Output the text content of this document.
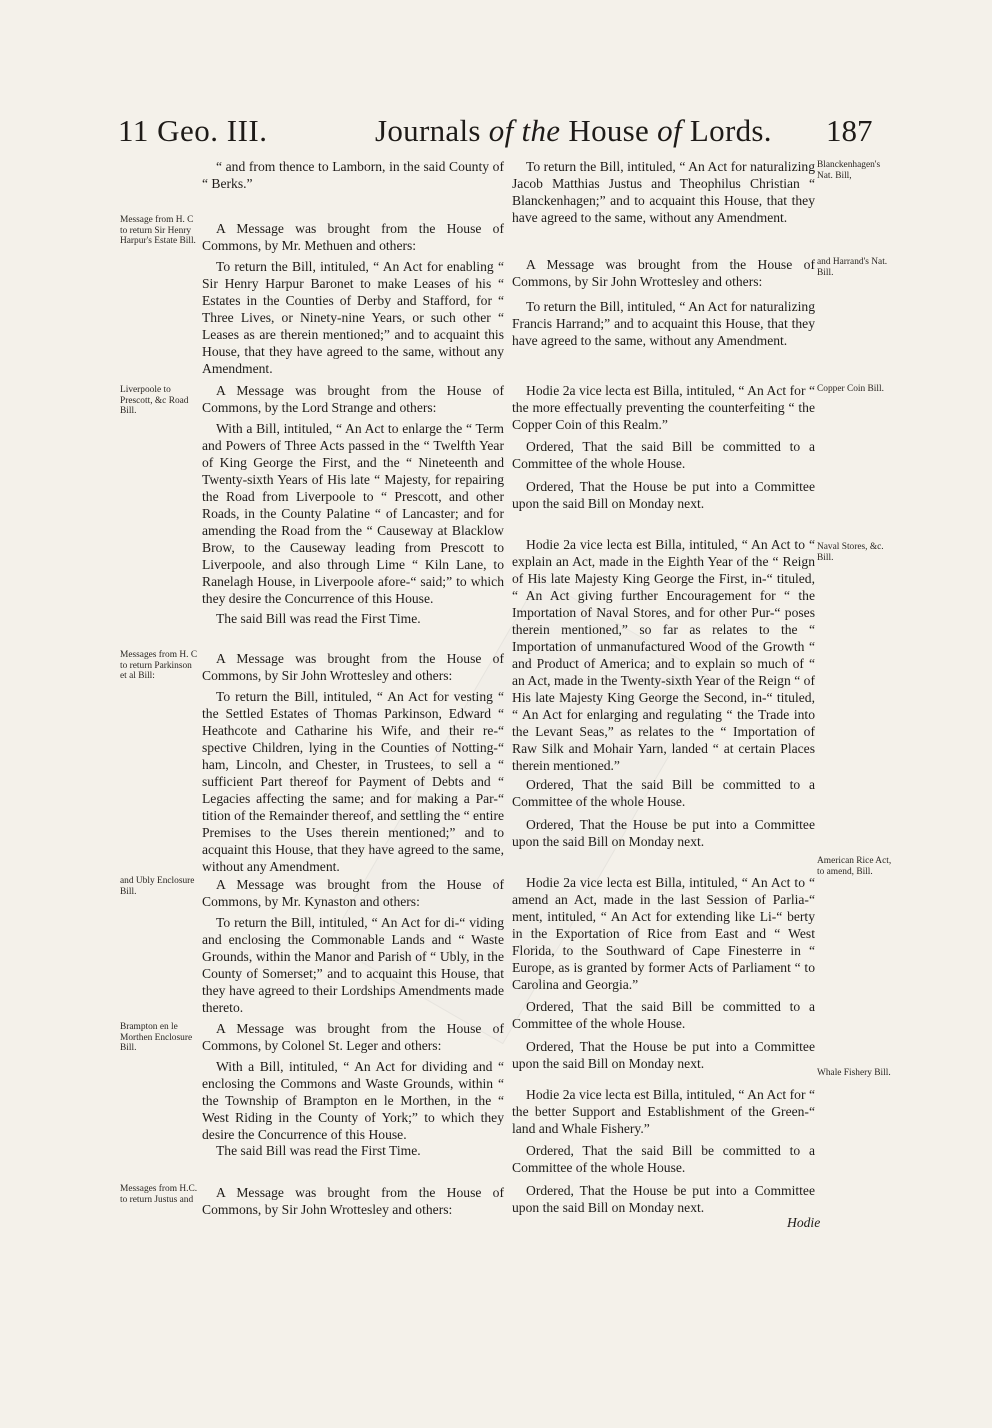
11 Geo. III.	Journals of the House of Lords. 187

“ and from thence to Lamborn, in the said County of “ Berks.”

A Message was brought from the House of Commons, by Mr. Methuen and others:

To return the Bill, intituled, “ An Act for enabling “ Sir Henry Harpur Baronet to make Leases of his “ Estates in the Counties of Derby and Stafford, for “ Three Lives, or Ninety-nine Years, or such other “ Leases as are therein mentioned;” and to acquaint this House, that they have agreed to the same, without any Amendment.

A Message was brought from the House of Commons, by the Lord Strange and others:

With a Bill, intituled, “ An Act to enlarge the “ Term and Powers of Three Acts passed in the “ Twelfth Year of King George the First, and the “ Nineteenth and Twenty-sixth Years of His late “ Majesty, for repairing the Road from Liverpoole to “ Prescott, and other Roads, in the County Palatine “ of Lancaster; and for amending the Road from the “ Causeway at Blacklow Brow, to the Causeway leading from Prescott to Liverpoole, and also through Lime “ Kiln Lane, to Ranelagh House, in Liverpoole afore-“ said;” to which they desire the Concurrence of this House.

The said Bill was read the First Time.

A Message was brought from the House of Commons, by Sir John Wrottesley and others:

To return the Bill, intituled, “ An Act for vesting “ the Settled Estates of Thomas Parkinson, Edward “ Heathcote and Catharine his Wife, and their re-“ spective Children, lying in the Counties of Notting-“ ham, Lincoln, and Chester, in Trustees, to sell a “ sufficient Part thereof for Payment of Debts and “ Legacies affecting the same; and for making a Par-“ tition of the Remainder thereof, and settling the “ entire Premises to the Uses therein mentioned;” and to acquaint this House, that they have agreed to the same, without any Amendment.

A Message was brought from the House of Commons, by Mr. Kynaston and others:

To return the Bill, intituled, “ An Act for di-“ viding and enclosing the Commonable Lands and “ Waste Grounds, within the Manor and Parish of “ Ubly, in the County of Somerset;” and to acquaint this House, that they have agreed to their Lordships Amendments made thereto.

A Message was brought from the House of Commons, by Colonel St. Leger and others:

With a Bill, intituled, “ An Act for dividing and “ enclosing the Commons and Waste Grounds, within “ the Township of Brampton en le Morthen, in the “ West Riding in the County of York;” to which they desire the Concurrence of this House.

The said Bill was read the First Time.

A Message was brought from the House of Commons, by Sir John Wrottesley and others:

To return the Bill, intituled, “ An Act for naturalizing Jacob Matthias Justus and Theophilus Christian “ Blanckenhagen;” and to acquaint this House, that they have agreed to the same, without any Amendment.

A Message was brought from the House of Commons, by Sir John Wrottesley and others:

To return the Bill, intituled, “ An Act for naturalizing Francis Harrand;” and to acquaint this House, that they have agreed to the same, without any Amendment.

Hodie 2a vice lecta est Billa, intituled, “ An Act for “ the more effectually preventing the counterfeiting “ the Copper Coin of this Realm.”

Ordered, That the said Bill be committed to a Committee of the whole House.

Ordered, That the House be put into a Committee upon the said Bill on Monday next.

Hodie 2a vice lecta est Billa, intituled, “ An Act to “ explain an Act, made in the Eighth Year of the “ Reign of His late Majesty King George the First, in-“ tituled, “ An Act giving further Encouragement for “ the Importation of Naval Stores, and for other Pur-“ poses therein mentioned,” so far as relates to the “ Importation of unmanufactured Wood of the Growth “ and Product of America; and to explain so much of “ an Act, made in the Twenty-sixth Year of the Reign “ of His late Majesty King George the Second, in-“ tituled, “ An Act for enlarging and regulating “ the Trade into the Levant Seas,” as relates to the “ Importation of Raw Silk and Mohair Yarn, landed “ at certain Places therein mentioned.”

Ordered, That the said Bill be committed to a Committee of the whole House.

Ordered, That the House be put into a Committee upon the said Bill on Monday next.

Hodie 2a vice lecta est Billa, intituled, “ An Act to “ amend an Act, made in the last Session of Parlia-“ ment, intituled, “ An Act for extending like Li-“ berty in the Exportation of Rice from East and “ West Florida, to the Southward of Cape Finesterre in “ Europe, as is granted by former Acts of Parliament “ to Carolina and Georgia.”

Ordered, That the said Bill be committed to a Committee of the whole House.

Ordered, That the House be put into a Committee upon the said Bill on Monday next.

Hodie 2a vice lecta est Billa, intituled, “ An Act for “ the better Support and Establishment of the Green-“ land and Whale Fishery.”

Ordered, That the said Bill be committed to a Committee of the whole House.

Ordered, That the House be put into a Committee upon the said Bill on Monday next.

Message from H. C to return Sir Henry Harpur's Estate Bill.
Liverpoole to Prescott, &c Road Bill.
Messages from H. C to return Parkinson et al Bill:
and Ubly Enclosure Bill.
Brampton en le Morthen Enclosure Bill.
Messages from H.C. to return Justus and
Blanckenhagen's Nat. Bill,
and Harrand's Nat. Bill.
Copper Coin Bill.
Naval Stores, &c. Bill.
American Rice Act, to amend, Bill.
Whale Fishery Bill.
Hodie
